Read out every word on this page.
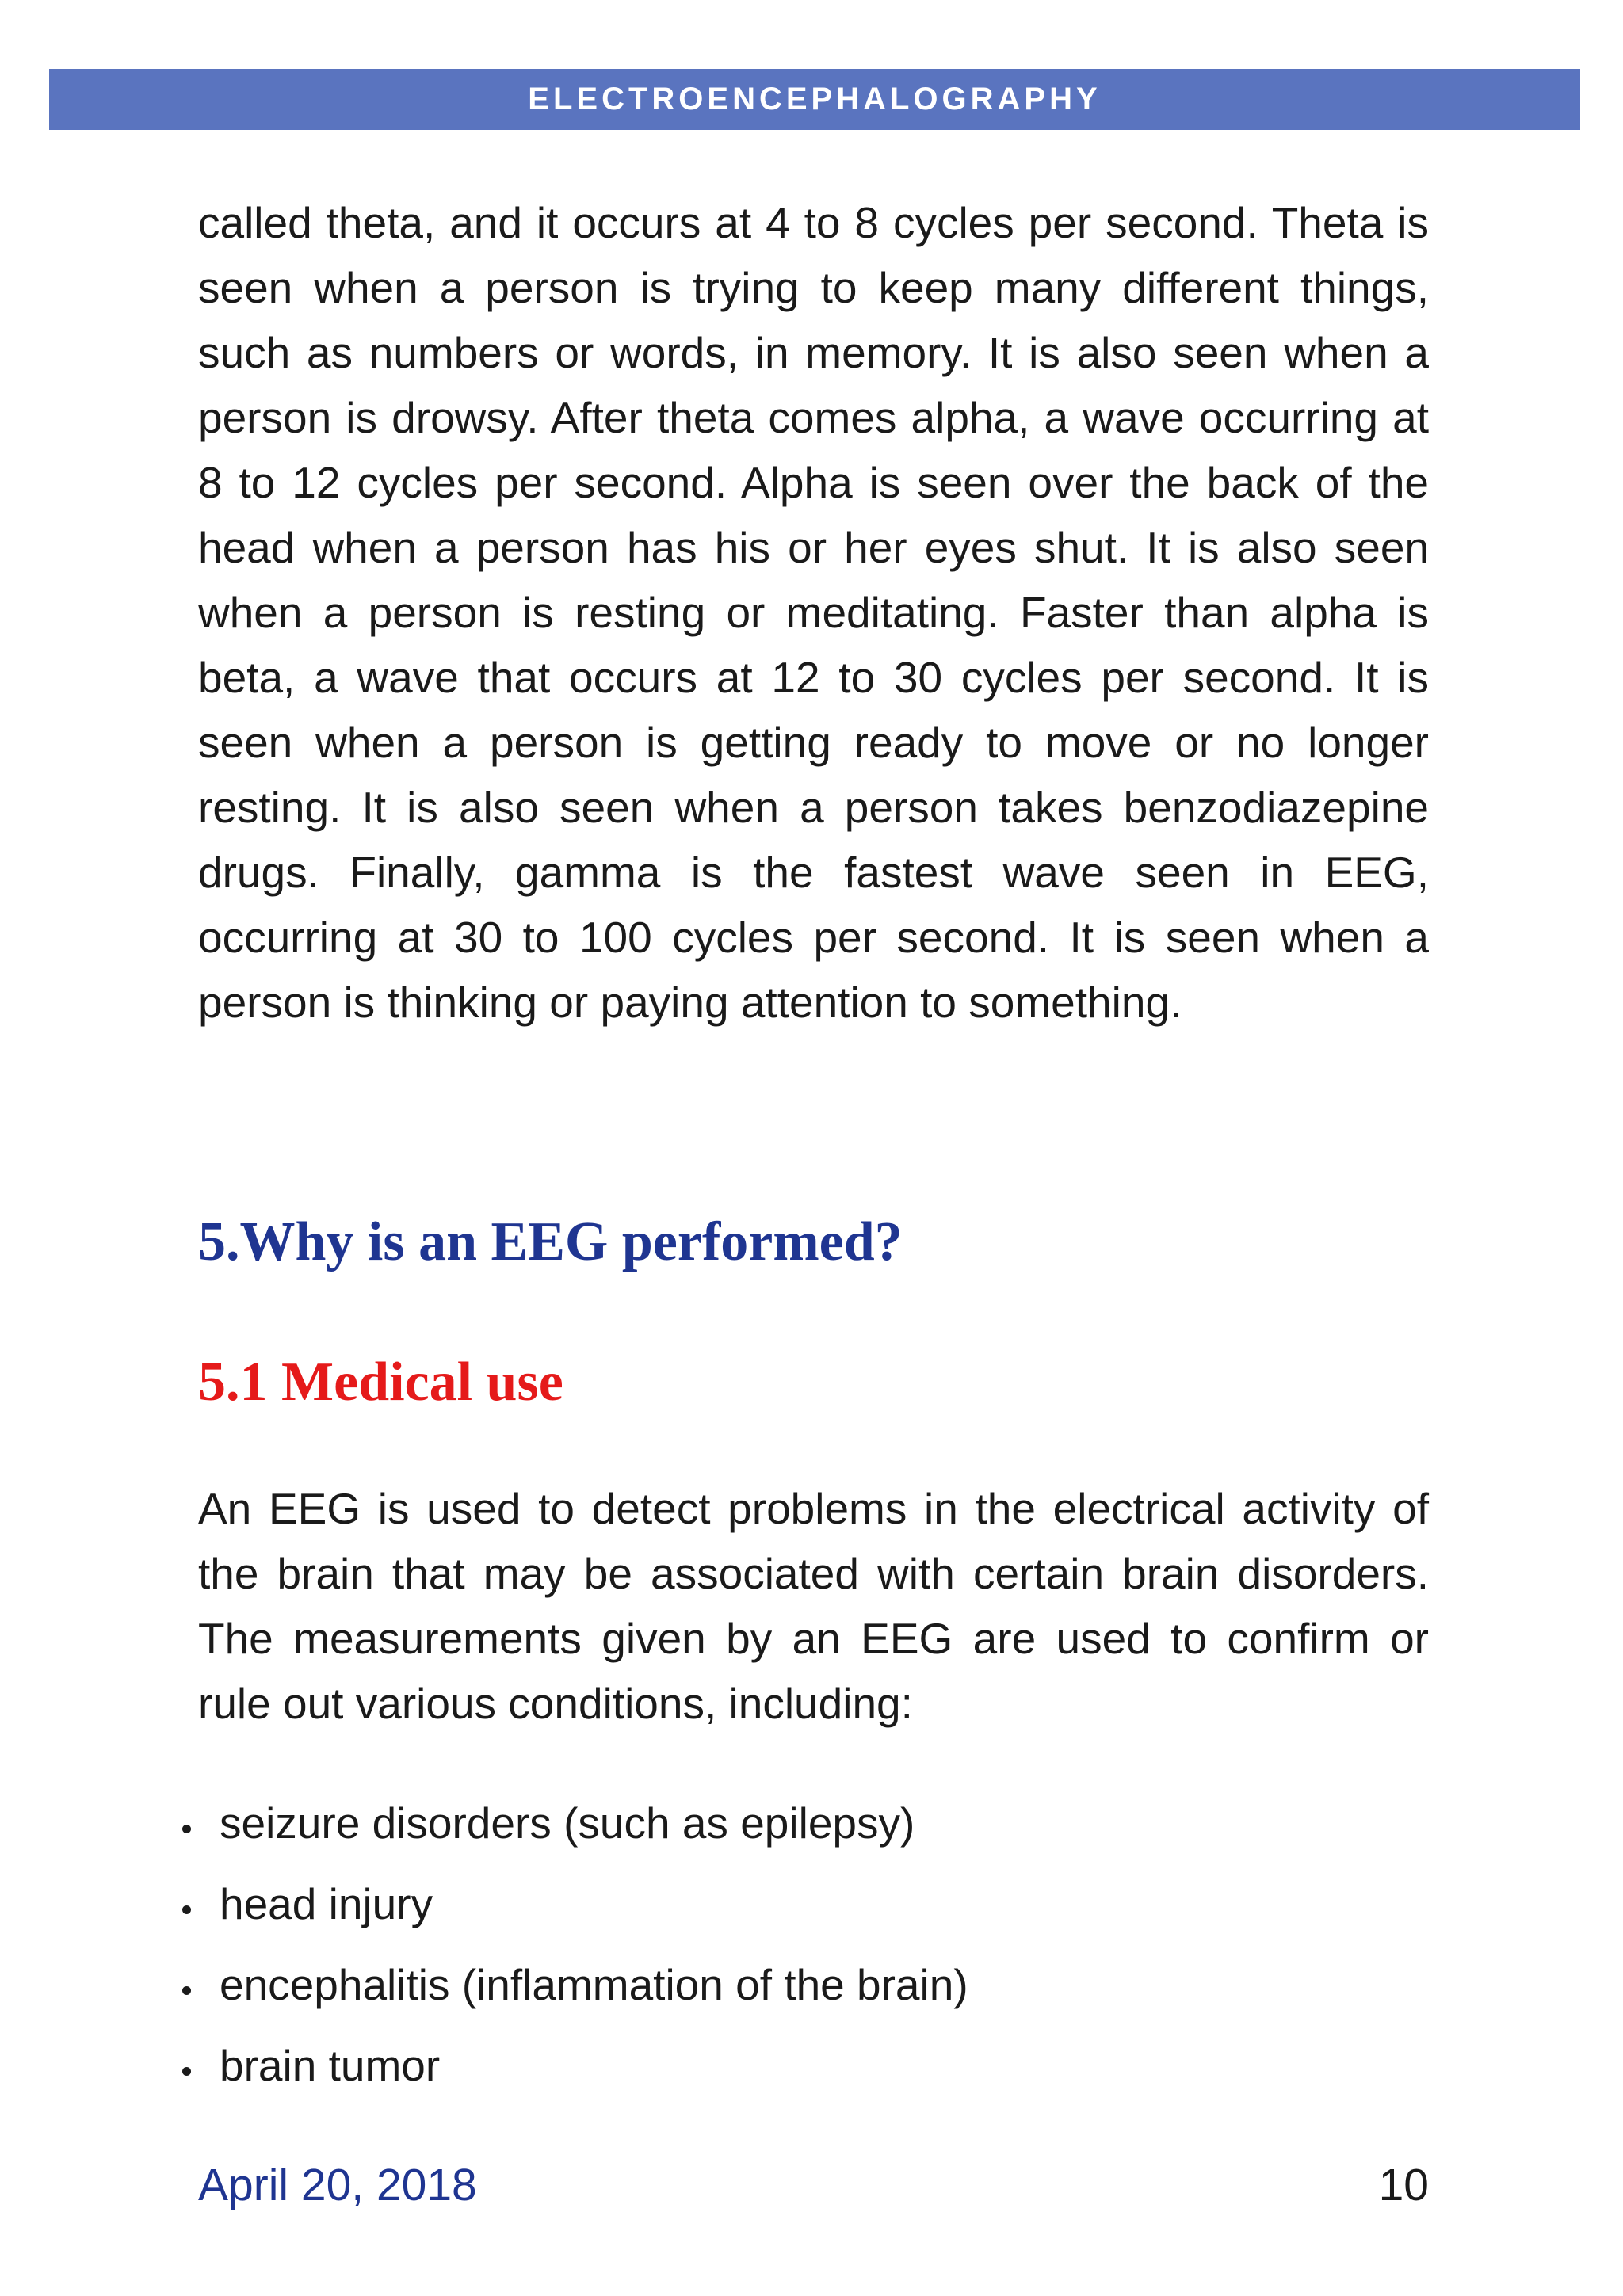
ELECTROENCEPHALOGRAPHY

called theta, and it occurs at 4 to 8 cycles per second. Theta is seen when a person is trying to keep many different things, such as numbers or words, in memory. It is also seen when a person is drowsy. After theta comes alpha, a wave occurring at 8 to 12 cycles per second. Alpha is seen over the back of the head when a person has his or her eyes shut. It is also seen when a person is resting or meditating. Faster than alpha is beta, a wave that occurs at 12 to 30 cycles per second. It is seen when a person is getting ready to move or no longer resting. It is also seen when a person takes benzodiazepine drugs. Finally, gamma is the fastest wave seen in EEG, occurring at 30 to 100 cycles per second. It is seen when a person is thinking or paying attention to something.

5.Why is an EEG performed?
5.1 Medical use

An EEG is used to detect problems in the electrical activity of the brain that may be associated with certain brain disorders. The measurements given by an EEG are used to confirm or rule out various conditions, including:

seizure disorders (such as epilepsy)
head injury
encephalitis (inflammation of the brain)
brain tumor
April 20, 2018	10
